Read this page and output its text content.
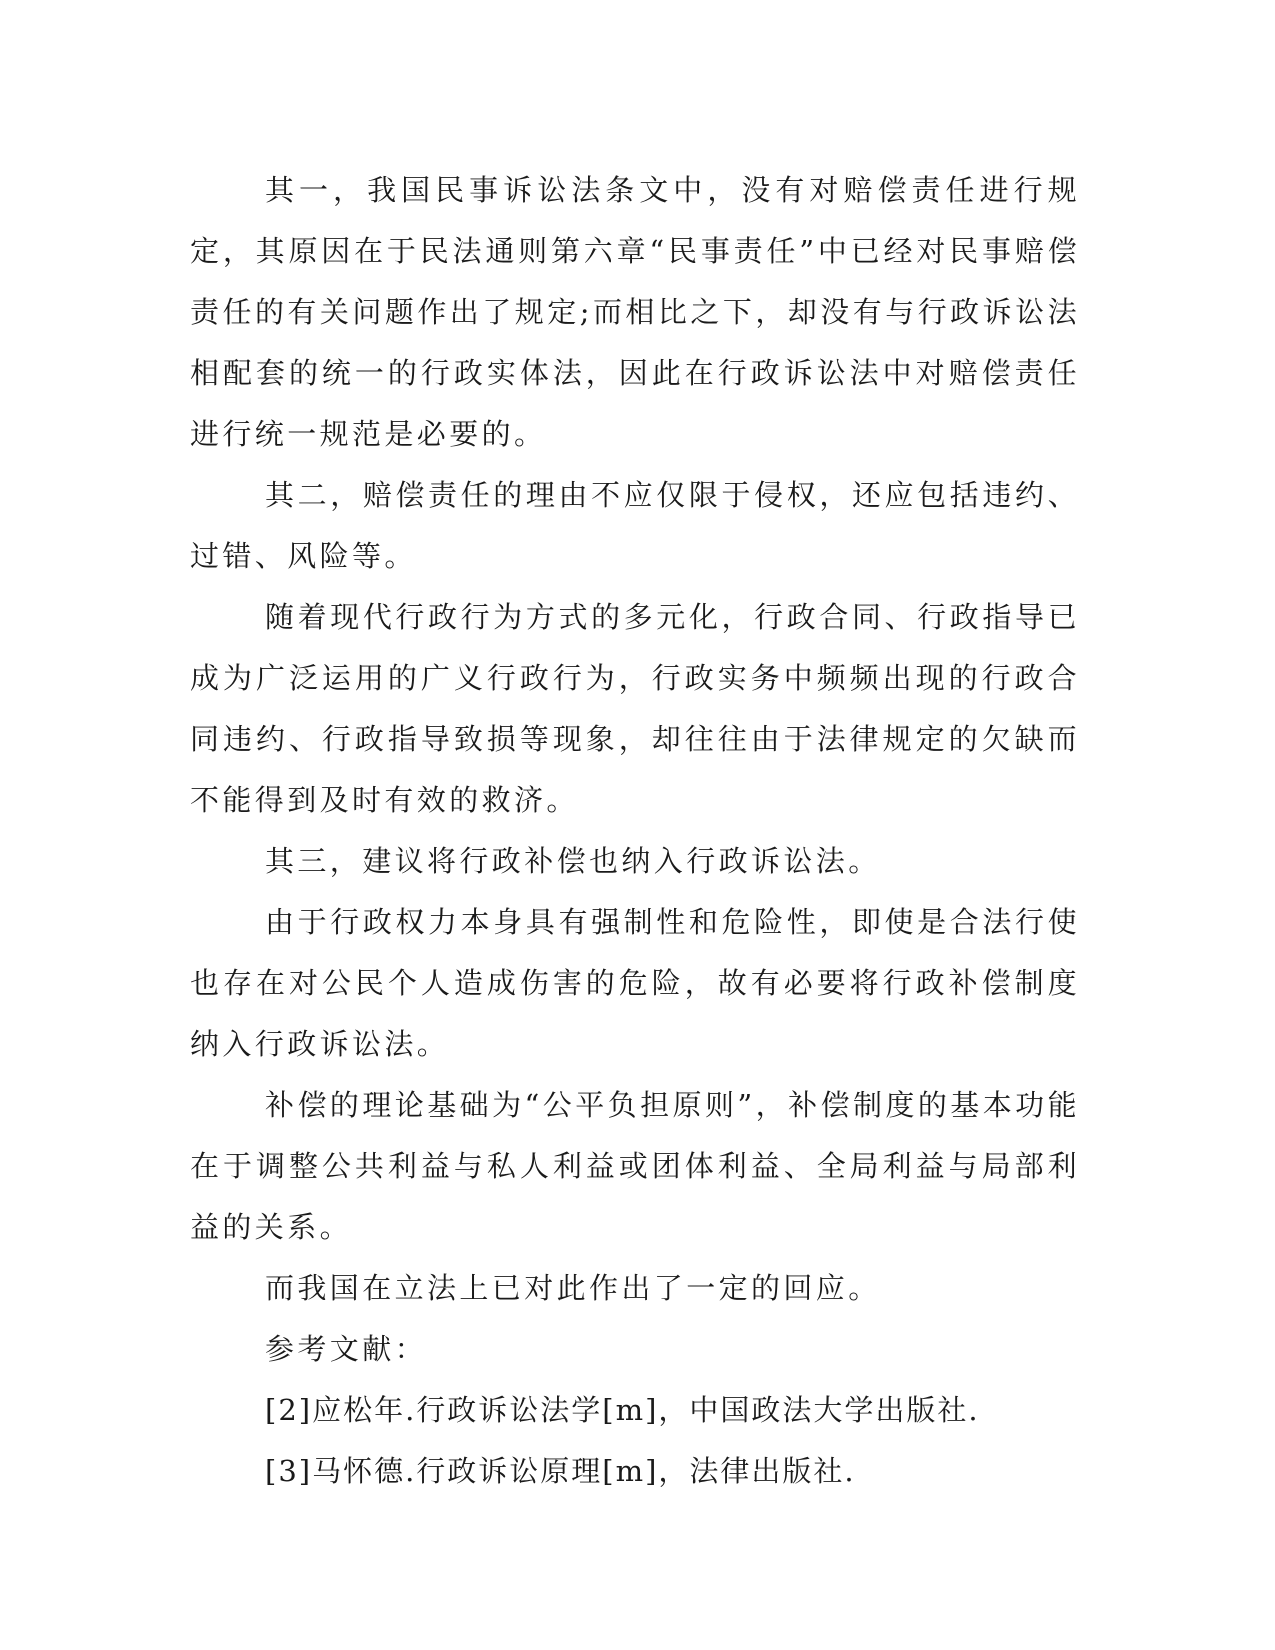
其一，我国民事诉讼法条文中，没有对赔偿责任进行规定，其原因在于民法通则第六章“民事责任”中已经对民事赔偿责任的有关问题作出了规定;而相比之下，却没有与行政诉讼法相配套的统一的行政实体法，因此在行政诉讼法中对赔偿责任进行统一规范是必要的。

其二，赔偿责任的理由不应仅限于侵权，还应包括违约、过错、风险等。

随着现代行政行为方式的多元化，行政合同、行政指导已成为广泛运用的广义行政行为，行政实务中频频出现的行政合同违约、行政指导致损等现象，却往往由于法律规定的欠缺而不能得到及时有效的救济。

其三，建议将行政补偿也纳入行政诉讼法。

由于行政权力本身具有强制性和危险性，即使是合法行使也存在对公民个人造成伤害的危险，故有必要将行政补偿制度纳入行政诉讼法。

补偿的理论基础为“公平负担原则”，补偿制度的基本功能在于调整公共利益与私人利益或团体利益、全局利益与局部利益的关系。

而我国在立法上已对此作出了一定的回应。

参考文献：

[2]应松年.行政诉讼法学[m]，中国政法大学出版社.

[3]马怀德.行政诉讼原理[m]，法律出版社.
